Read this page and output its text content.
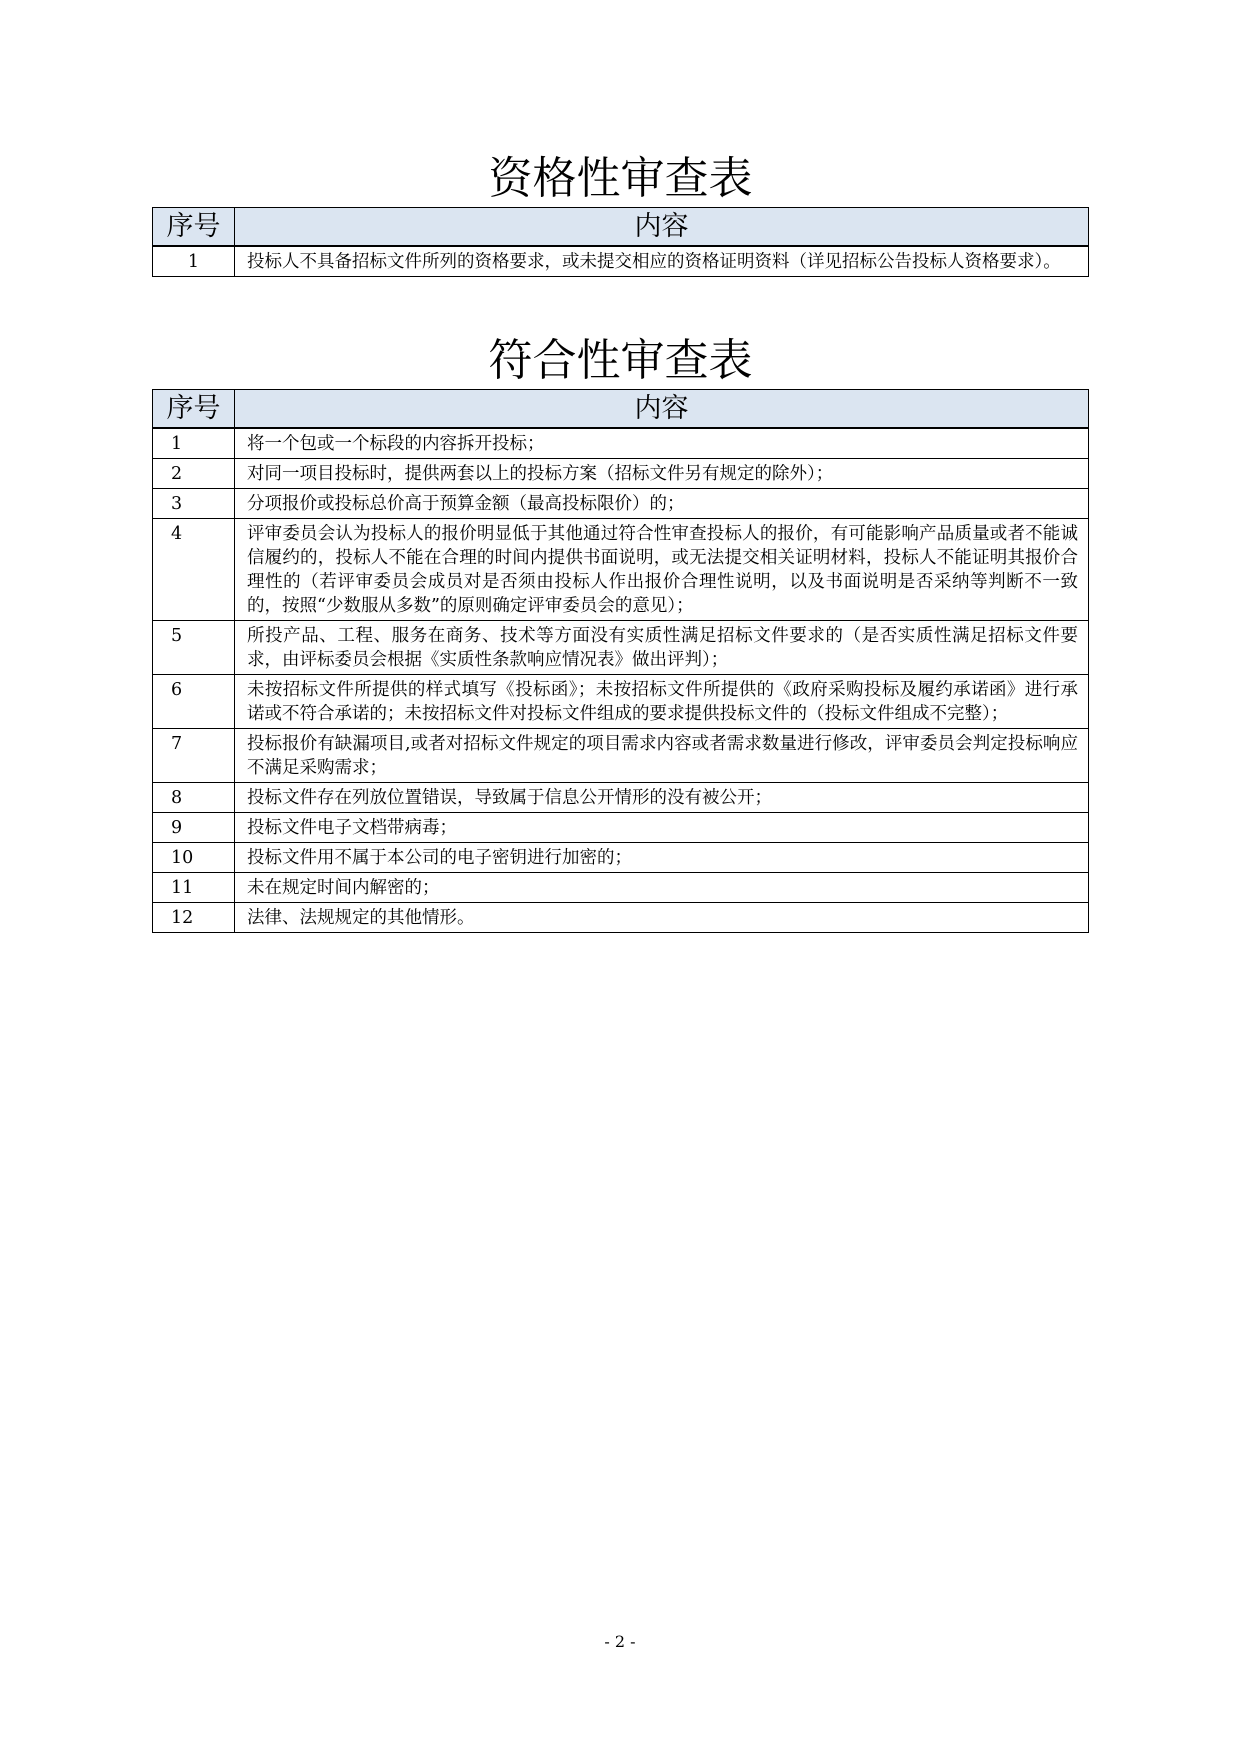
资格性审查表
序号	内容
1	投标人不具备招标文件所列的资格要求，或未提交相应的资格证明资料（详见招标公告投标人资格要求）。
符合性审查表
序号	内容
1	将一个包或一个标段的内容拆开投标；
2	对同一项目投标时，提供两套以上的投标方案（招标文件另有规定的除外）；
3	分项报价或投标总价高于预算金额（最高投标限价）的；
4	评审委员会认为投标人的报价明显低于其他通过符合性审查投标人的报价，有可能影响产品质量或者不能诚信履约的，投标人不能在合理的时间内提供书面说明，或无法提交相关证明材料，投标人不能证明其报价合理性的（若评审委员会成员对是否须由投标人作出报价合理性说明，以及书面说明是否采纳等判断不一致的，按照“少数服从多数”的原则确定评审委员会的意见）；
5	所投产品、工程、服务在商务、技术等方面没有实质性满足招标文件要求的（是否实质性满足招标文件要求，由评标委员会根据《实质性条款响应情况表》做出评判）；
6	未按招标文件所提供的样式填写《投标函》；未按招标文件所提供的《政府采购投标及履约承诺函》进行承诺或不符合承诺的；未按招标文件对投标文件组成的要求提供投标文件的（投标文件组成不完整）；
7	投标报价有缺漏项目,或者对招标文件规定的项目需求内容或者需求数量进行修改，评审委员会判定投标响应不满足采购需求；
8	投标文件存在列放位置错误，导致属于信息公开情形的没有被公开；
9	投标文件电子文档带病毒；
10	投标文件用不属于本公司的电子密钥进行加密的；
11	未在规定时间内解密的；
12	法律、法规规定的其他情形。
- 2 -
